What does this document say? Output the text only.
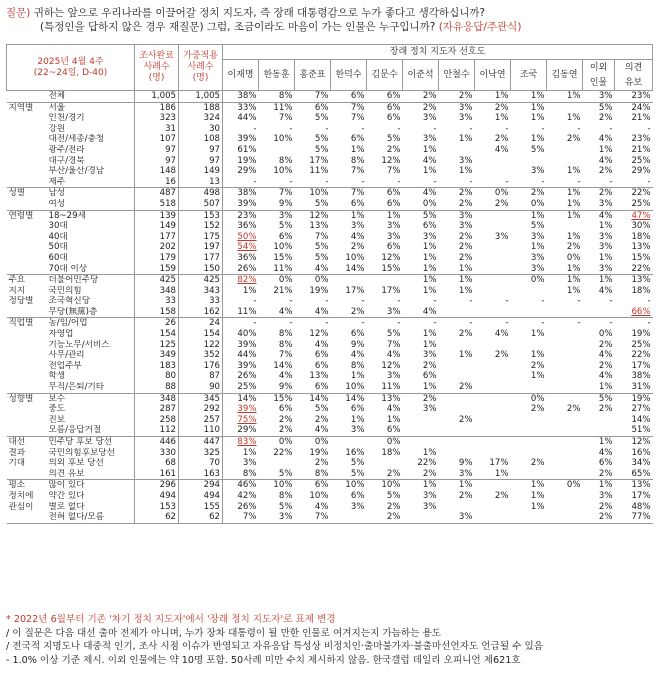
질문) 귀하는 앞으로 우리나라를 이끌어갈 정치 지도자, 즉 장래 대통령감으로 누가 좋다고 생각하십니까?
(특정인을 답하지 않은 경우 재질문) 그럼, 조금이라도 마음이 가는 인물은 누구입니까? (자유응답/주관식)
2025년 4월 4주
(22~24일, D-40)		조사완료 사례수 (명)	가중적용 사례수 (명)	장래 정치 지도자 선호도											
				이재명	한동훈	홍준표	한덕수	김문수	이준석	안철수	이낙연	조국	김동연	이외	의견
														인물	유보
	전체	1,005	1,005	38%	8%	7%	6%	6%	2%	2%	1%	1%	1%	3%	23%
지역별	서울	186	188	33%	11%	6%	7%	6%	2%	3%	2%	1%		5%	24%
	인천/경기	323	324	44%	7%	5%	7%	6%	3%	3%	1%	1%	1%	2%	21%
	강원	31	30	-	-	-	-	-	-	-	-	-	-	-	-
	대전/세종/충청	107	108	39%	10%	5%	6%	5%	3%	1%	2%	1%	2%	4%	23%
	광주/전라	97	97	61%		5%	1%	2%	1%		4%	5%		1%	21%
	대구/경북	97	97	19%	8%	17%	8%	12%	4%	3%				4%	25%
	부산/울산/경남	148	149	29%	10%	11%	7%	7%	1%	1%		3%	1%	2%	29%
	제주	16	13	-	-	-	-	-	-	-	-	-	-	-	-
성별	남성	487	498	38%	7%	10%	7%	6%	4%	2%	0%	2%	1%	2%	22%
	여성	518	507	39%	9%	5%	6%	6%	0%	2%	2%	0%	1%	3%	25%
연령별	18~29세	139	153	23%	3%	12%	1%	1%	5%	3%		1%	1%	4%	47%
	30대	149	152	36%	5%	13%	3%	3%	6%	3%		5%		1%	30%
	40대	177	175	50%	6%	7%	4%	3%	3%	2%	3%	3%	1%	3%	18%
	50대	202	197	54%	10%	5%	2%	6%	1%	2%		1%	2%	3%	13%
	60대	179	177	36%	15%	5%	10%	12%	1%	2%		3%	0%	1%	15%
	70대 이상	159	150	26%	11%	4%	14%	15%	1%	1%		3%	1%	3%	22%
주요	더불어민주당	425	425	82%	0%	0%			1%	1%		0%	1%	1%	13%
지지	국민의힘	348	343	1%	21%	19%	17%	17%	1%	1%			1%	4%	18%
정당별	조국혁신당	33	33	-	-	-	-	-	-	-	-	-	-	-	-
	무당(無黨)층	158	162	11%	4%	4%	2%	3%	4%						66%
직업별	농/임/어업	26	24	-	-	-	-	-	-	-	-	-	-	-	-
	자영업	154	154	40%	8%	12%	6%	5%	1%	2%	4%	1%		0%	19%
	기능노무/서비스	125	122	39%	8%	4%	9%	7%	1%					2%	25%
	사무/관리	349	352	44%	7%	6%	4%	4%	3%	1%	2%	1%		4%	22%
	전업주부	183	176	39%	14%	6%	8%	12%	2%			2%		2%	17%
	학생	80	87	26%	4%	13%	1%	3%	6%			1%		4%	38%
	무직/은퇴/기타	88	90	25%	9%	6%	10%	11%	1%	2%				1%	31%
성향별	보수	348	345	14%	15%	14%	14%	13%	2%			0%		5%	19%
	중도	287	292	39%	6%	5%	6%	4%	3%			2%	2%	2%	27%
	진보	258	257	75%	2%	2%	1%	1%		2%					14%
	모름/응답거절	112	110	29%	2%	4%	3%	6%							51%
대선	민주당 후보 당선	446	447	83%	0%	0%		0%						1%	12%
결과	국민의힘후보당선	330	325	1%	22%	19%	16%	18%	1%					4%	16%
기대	의외 후보 당선	68	70	3%		2%	5%		22%	9%	17%	2%		6%	34%
	의견 유보	161	163	8%	5%	8%	5%	2%	2%	3%	1%			2%	65%
평소	많이 있다	296	294	46%	10%	6%	10%	10%	1%	1%		1%	0%	1%	13%
정치에	약간 있다	494	494	42%	8%	10%	6%	5%	3%	2%	2%	1%		3%	17%
관심이	별로 없다	153	155	26%	5%	4%	3%	2%	3%			1%		2%	48%
	전혀 없다/모름	62	62	7%	3%	7%		2%		3%				2%	77%
* 2022년 6월부터 기존 '차기 정치 지도자'에서 '장래 정치 지도자'로 표제 변경
/ 이 질문은 다음 대선 출마 전제가 아니며, 누가 장차 대통령이 될 만한 인물로 여겨지는지 가늠하는 용도
/ 전국적 지명도나 대중적 인기, 조사 시점 이슈가 반영되고 자유응답 특성상 비정치인·출마불가자·불출마선언자도 언급될 수 있음
- 1.0% 이상 기준 제시. 이외 인물에는 약 10명 포함. 50사례 미만 수치 제시하지 않음. 한국갤럽 데일리 오피니언 제621호
